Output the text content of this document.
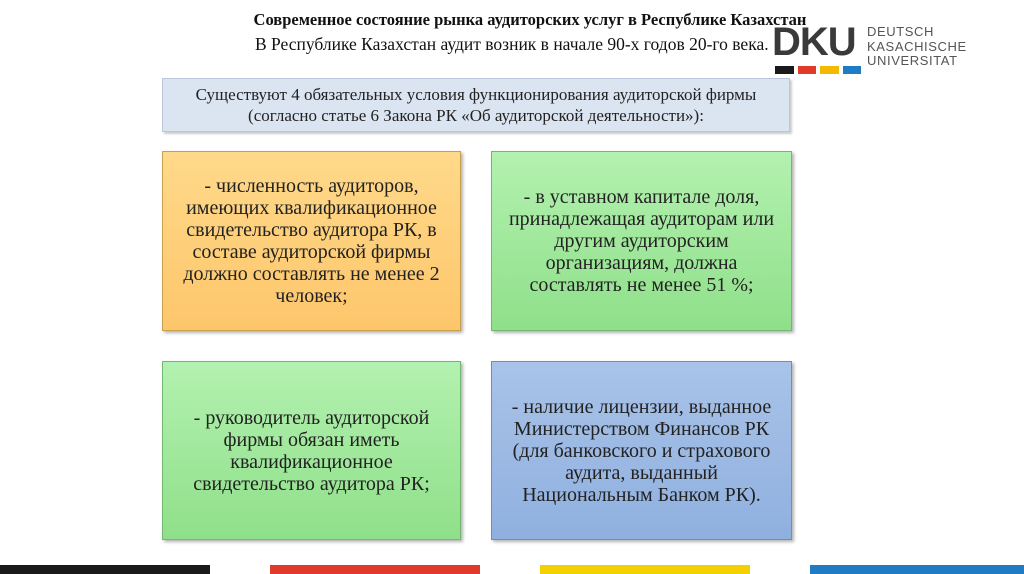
Современное состояние рынка аудиторских услуг в Республике Казахстан
В Республике Казахстан аудит возник в начале 90-х годов 20-го века. DKU DEUTSCH
KASACHISCHE
UNIVERSITAT
Существуют 4 обязательных условия функционирования аудиторской фирмы (согласно статье 6 Закона РК «Об аудиторской деятельности»):
- численность аудиторов, имеющих квалификационное свидетельство аудитора РК, в составе аудиторской фирмы должно составлять не менее 2 человек;
- в уставном капитале доля, принадлежащая аудиторам или другим аудиторским организациям, должна составлять не менее 51 %;
- руководитель аудиторской фирмы обязан иметь квалификационное свидетельство аудитора РК;
- наличие лицензии, выданное Министерством Финансов РК (для банковского и страхового аудита, выданный Национальным Банком РК).
